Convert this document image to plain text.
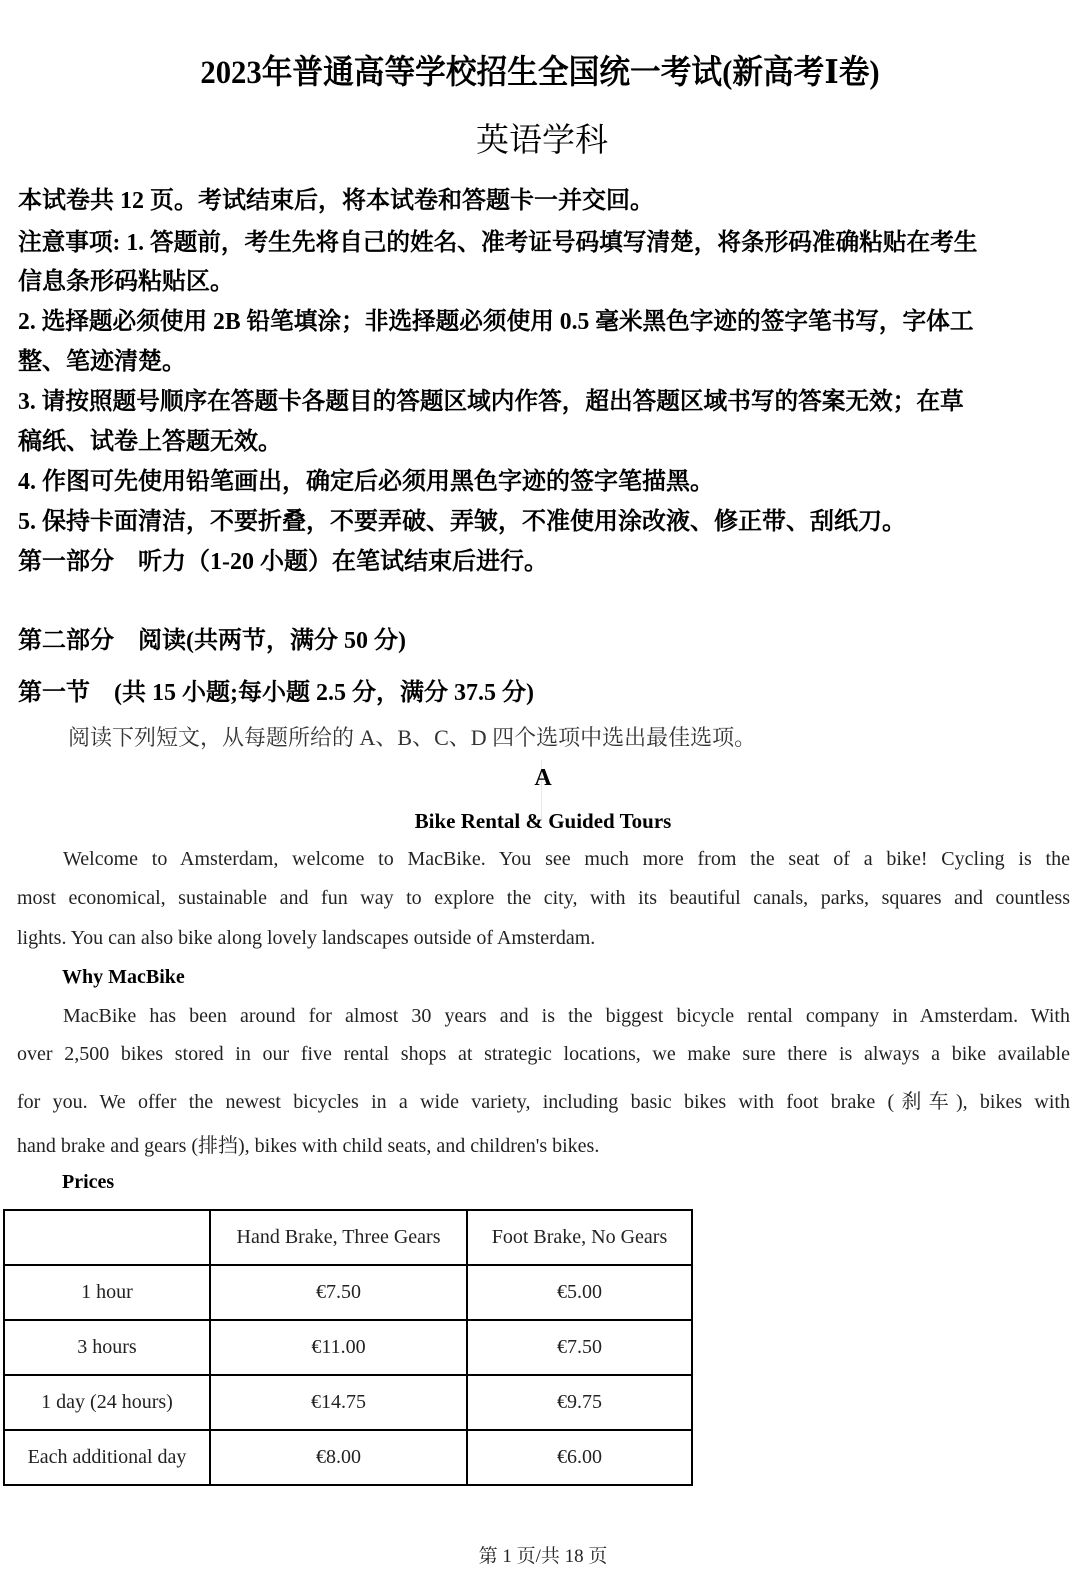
2023年普通高等学校招生全国统一考试(新高考Ⅰ卷)
英语学科
本试卷共 12 页。考试结束后，将本试卷和答题卡一并交回。
注意事项: 1. 答题前，考生先将自己的姓名、准考证号码填写清楚，将条形码准确粘贴在考生
信息条形码粘贴区。
2. 选择题必须使用 2B 铅笔填涂；非选择题必须使用 0.5 毫米黑色字迹的签字笔书写，字体工
整、笔迹清楚。
3. 请按照题号顺序在答题卡各题目的答题区域内作答，超出答题区域书写的答案无效；在草
稿纸、试卷上答题无效。
4. 作图可先使用铅笔画出，确定后必须用黑色字迹的签字笔描黑。
5. 保持卡面清洁，不要折叠，不要弄破、弄皱，不准使用涂改液、修正带、刮纸刀。
第一部分　听力（1-20 小题）在笔试结束后进行。
第二部分　阅读(共两节，满分 50 分)
第一节　(共 15 小题;每小题 2.5 分，满分 37.5 分)
阅读下列短文，从每题所给的 A、B、C、D 四个选项中选出最佳选项。
A
Bike Rental & Guided Tours
Welcome to Amsterdam, welcome to MacBike. You see much more from the seat of a bike! Cycling is the
most economical, sustainable and fun way to explore the city, with its beautiful canals, parks, squares and countless
lights. You can also bike along lovely landscapes outside of Amsterdam.
Why MacBike
MacBike has been around for almost 30 years and is the biggest bicycle rental company in Amsterdam. With
over 2,500 bikes stored in our five rental shops at strategic locations, we make sure there is always a bike available
for you. We offer the newest bicycles in a wide variety, including basic bikes with foot brake (刹车), bikes with
hand brake and gears (排挡), bikes with child seats, and children's bikes.
Prices
	Hand Brake, Three Gears	Foot Brake, No Gears
1 hour	€7.50	€5.00
3 hours	€11.00	€7.50
1 day (24 hours)	€14.75	€9.75
Each additional day	€8.00	€6.00
第 1 页/共 18 页
